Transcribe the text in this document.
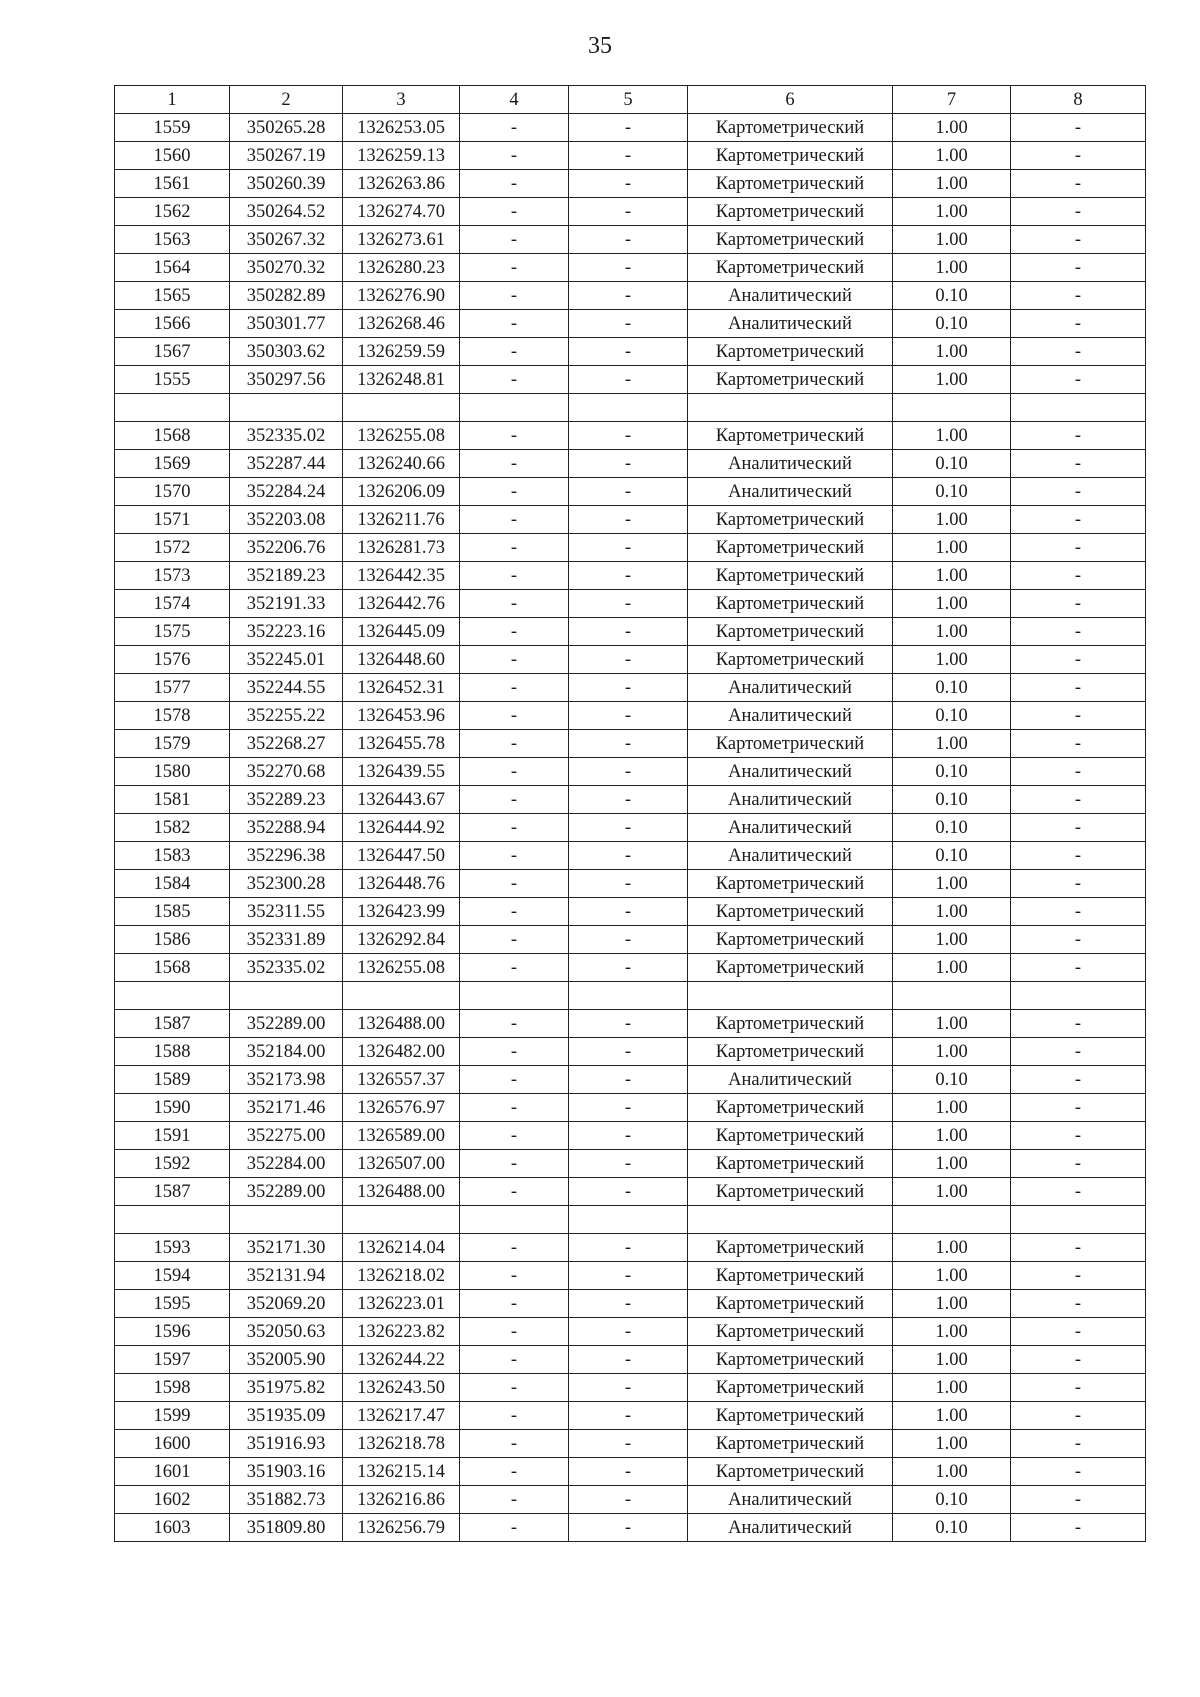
35
1	2	3	4	5	6	7	8
1559	350265.28	1326253.05	-	-	Картометрический	1.00	-
1560	350267.19	1326259.13	-	-	Картометрический	1.00	-
1561	350260.39	1326263.86	-	-	Картометрический	1.00	-
1562	350264.52	1326274.70	-	-	Картометрический	1.00	-
1563	350267.32	1326273.61	-	-	Картометрический	1.00	-
1564	350270.32	1326280.23	-	-	Картометрический	1.00	-
1565	350282.89	1326276.90	-	-	Аналитический	0.10	-
1566	350301.77	1326268.46	-	-	Аналитический	0.10	-
1567	350303.62	1326259.59	-	-	Картометрический	1.00	-
1555	350297.56	1326248.81	-	-	Картометрический	1.00	-

1568	352335.02	1326255.08	-	-	Картометрический	1.00	-
1569	352287.44	1326240.66	-	-	Аналитический	0.10	-
1570	352284.24	1326206.09	-	-	Аналитический	0.10	-
1571	352203.08	1326211.76	-	-	Картометрический	1.00	-
1572	352206.76	1326281.73	-	-	Картометрический	1.00	-
1573	352189.23	1326442.35	-	-	Картометрический	1.00	-
1574	352191.33	1326442.76	-	-	Картометрический	1.00	-
1575	352223.16	1326445.09	-	-	Картометрический	1.00	-
1576	352245.01	1326448.60	-	-	Картометрический	1.00	-
1577	352244.55	1326452.31	-	-	Аналитический	0.10	-
1578	352255.22	1326453.96	-	-	Аналитический	0.10	-
1579	352268.27	1326455.78	-	-	Картометрический	1.00	-
1580	352270.68	1326439.55	-	-	Аналитический	0.10	-
1581	352289.23	1326443.67	-	-	Аналитический	0.10	-
1582	352288.94	1326444.92	-	-	Аналитический	0.10	-
1583	352296.38	1326447.50	-	-	Аналитический	0.10	-
1584	352300.28	1326448.76	-	-	Картометрический	1.00	-
1585	352311.55	1326423.99	-	-	Картометрический	1.00	-
1586	352331.89	1326292.84	-	-	Картометрический	1.00	-
1568	352335.02	1326255.08	-	-	Картометрический	1.00	-

1587	352289.00	1326488.00	-	-	Картометрический	1.00	-
1588	352184.00	1326482.00	-	-	Картометрический	1.00	-
1589	352173.98	1326557.37	-	-	Аналитический	0.10	-
1590	352171.46	1326576.97	-	-	Картометрический	1.00	-
1591	352275.00	1326589.00	-	-	Картометрический	1.00	-
1592	352284.00	1326507.00	-	-	Картометрический	1.00	-
1587	352289.00	1326488.00	-	-	Картометрический	1.00	-

1593	352171.30	1326214.04	-	-	Картометрический	1.00	-
1594	352131.94	1326218.02	-	-	Картометрический	1.00	-
1595	352069.20	1326223.01	-	-	Картометрический	1.00	-
1596	352050.63	1326223.82	-	-	Картометрический	1.00	-
1597	352005.90	1326244.22	-	-	Картометрический	1.00	-
1598	351975.82	1326243.50	-	-	Картометрический	1.00	-
1599	351935.09	1326217.47	-	-	Картометрический	1.00	-
1600	351916.93	1326218.78	-	-	Картометрический	1.00	-
1601	351903.16	1326215.14	-	-	Картометрический	1.00	-
1602	351882.73	1326216.86	-	-	Аналитический	0.10	-
1603	351809.80	1326256.79	-	-	Аналитический	0.10	-
